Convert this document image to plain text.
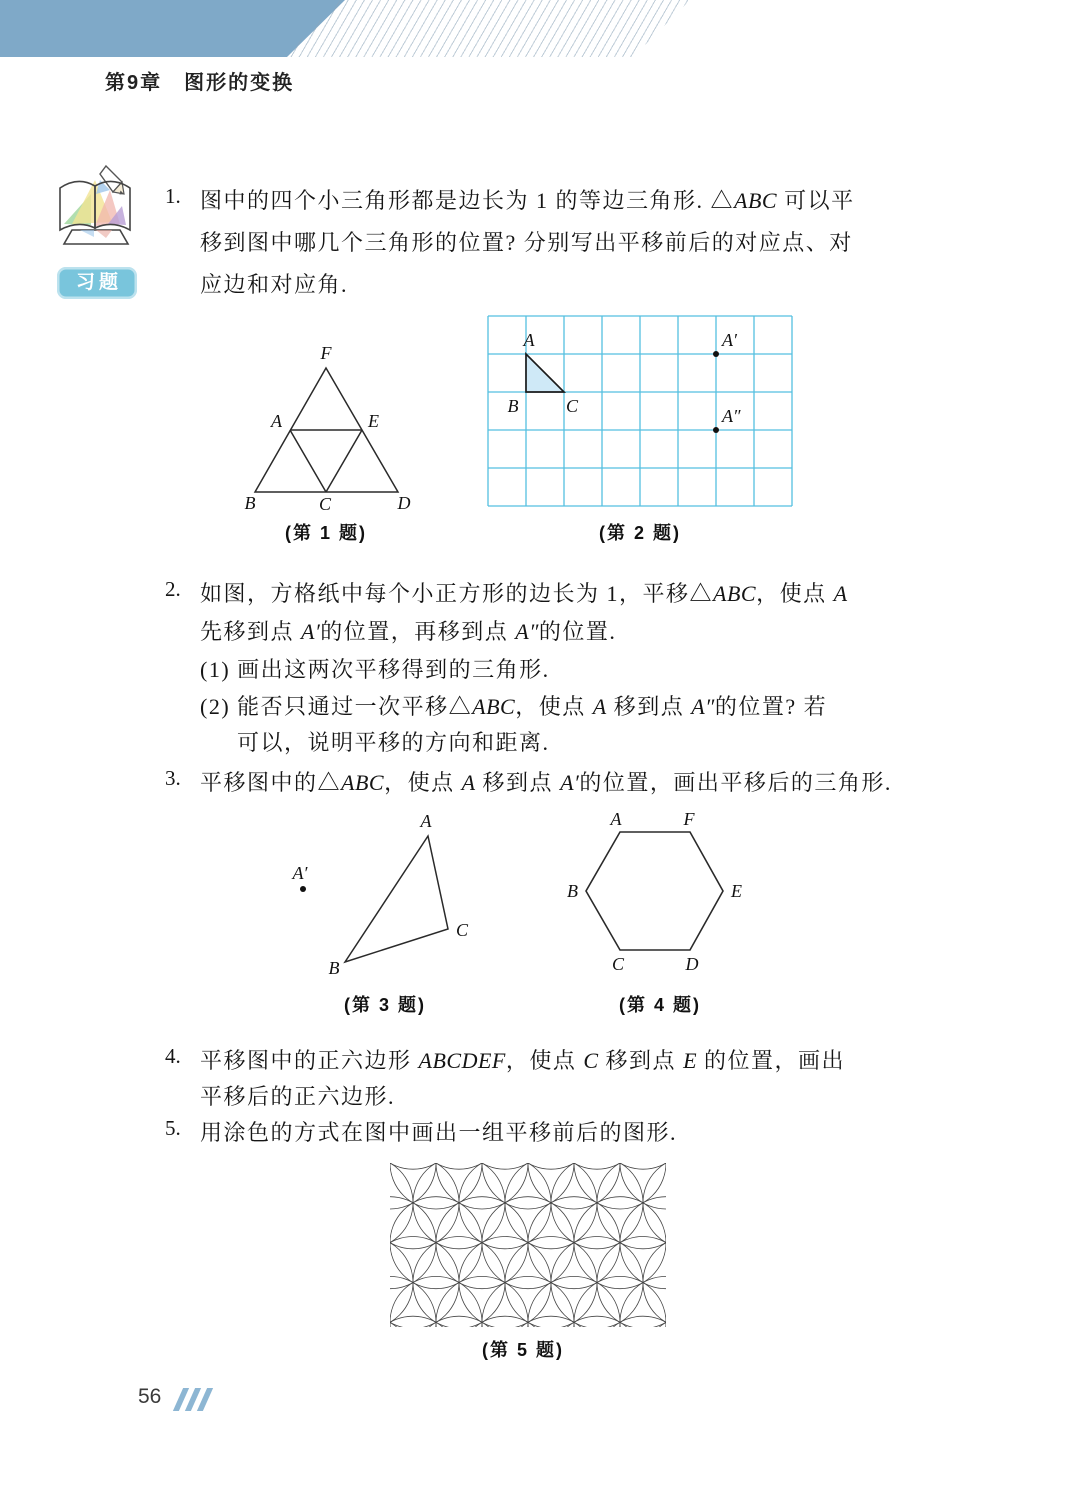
第9章　图形的变换
习题
1. 图中的四个小三角形都是边长为 1 的等边三角形. △ABC 可以平
移到图中哪几个三角形的位置? 分别写出平移前后的对应点、对
应边和对应角.
F
A	E
B	C	D
(第 1 题)
A
B	C
A′
A″
(第 2 题)
2. 如图，方格纸中每个小正方形的边长为 1，平移△ABC，使点 A
先移到点 A′的位置，再移到点 A″的位置.
(1) 画出这两次平移得到的三角形.
(2) 能否只通过一次平移△ABC，使点 A 移到点 A″的位置? 若
可以，说明平移的方向和距离.
3. 平移图中的△ABC，使点 A 移到点 A′的位置，画出平移后的三角形.
A
A′
B
C
(第 3 题)
A	F
B	E
C	D
(第 4 题)
4. 平移图中的正六边形 ABCDEF，使点 C 移到点 E 的位置，画出
平移后的正六边形.
5. 用涂色的方式在图中画出一组平移前后的图形.
(第 5 题)
56
